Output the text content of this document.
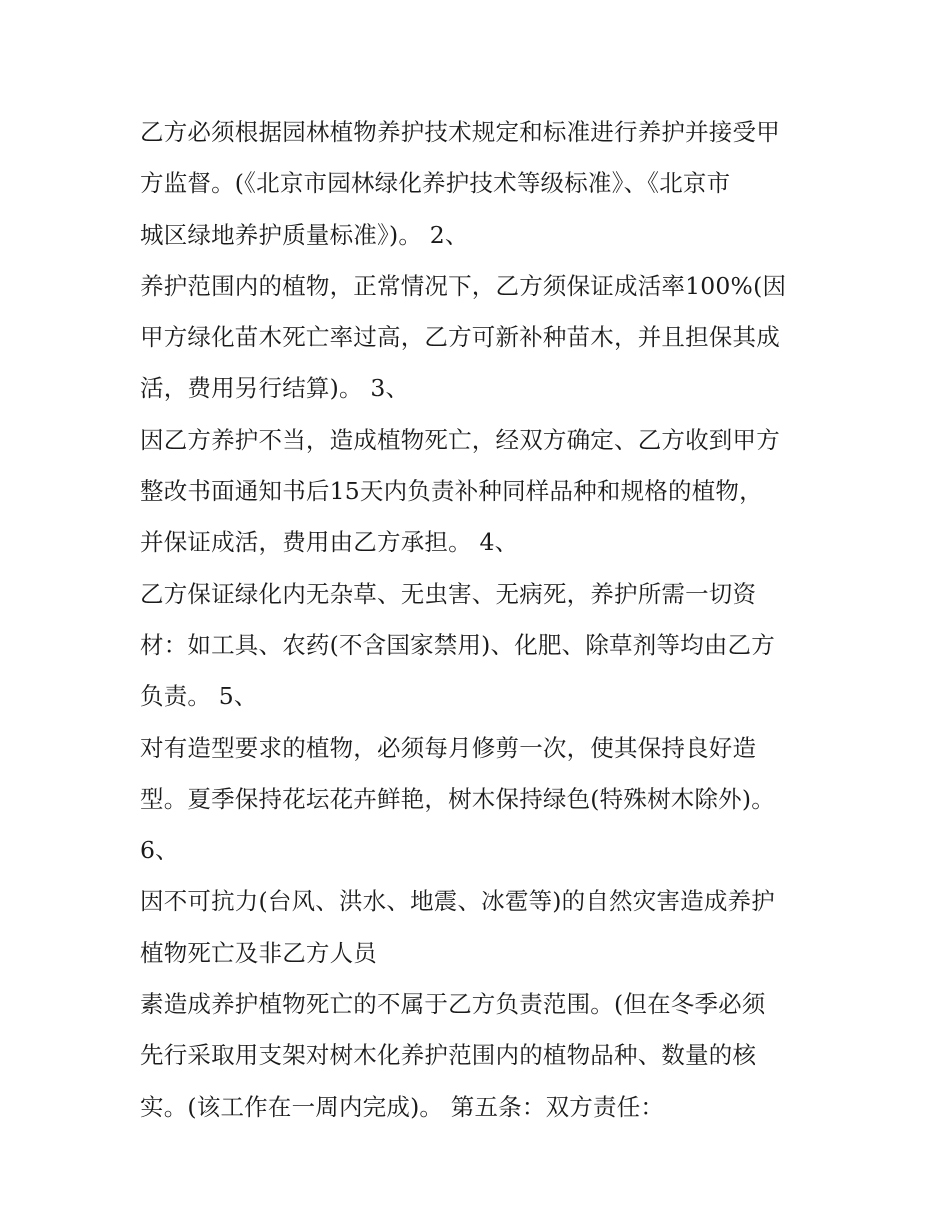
乙方必须根据园林植物养护技术规定和标准进行养护并接受甲
方监督。(《北京市园林绿化养护技术等级标准》、《北京市
城区绿地养护质量标准》)。 2、
养护范围内的植物，正常情况下，乙方须保证成活率100%(因
甲方绿化苗木死亡率过高，乙方可新补种苗木，并且担保其成
活，费用另行结算)。 3、
因乙方养护不当，造成植物死亡，经双方确定、乙方收到甲方
整改书面通知书后15天内负责补种同样品种和规格的植物，
并保证成活，费用由乙方承担。 4、
乙方保证绿化内无杂草、无虫害、无病死，养护所需一切资
材：如工具、农药(不含国家禁用)、化肥、除草剂等均由乙方
负责。 5、
对有造型要求的植物，必须每月修剪一次，使其保持良好造
型。夏季保持花坛花卉鲜艳，树木保持绿色(特殊树木除外)。
6、
因不可抗力(台风、洪水、地震、冰雹等)的自然灾害造成养护
植物死亡及非乙方人员
素造成养护植物死亡的不属于乙方负责范围。(但在冬季必须
先行采取用支架对树木化养护范围内的植物品种、数量的核
实。(该工作在一周内完成)。 第五条：双方责任：
